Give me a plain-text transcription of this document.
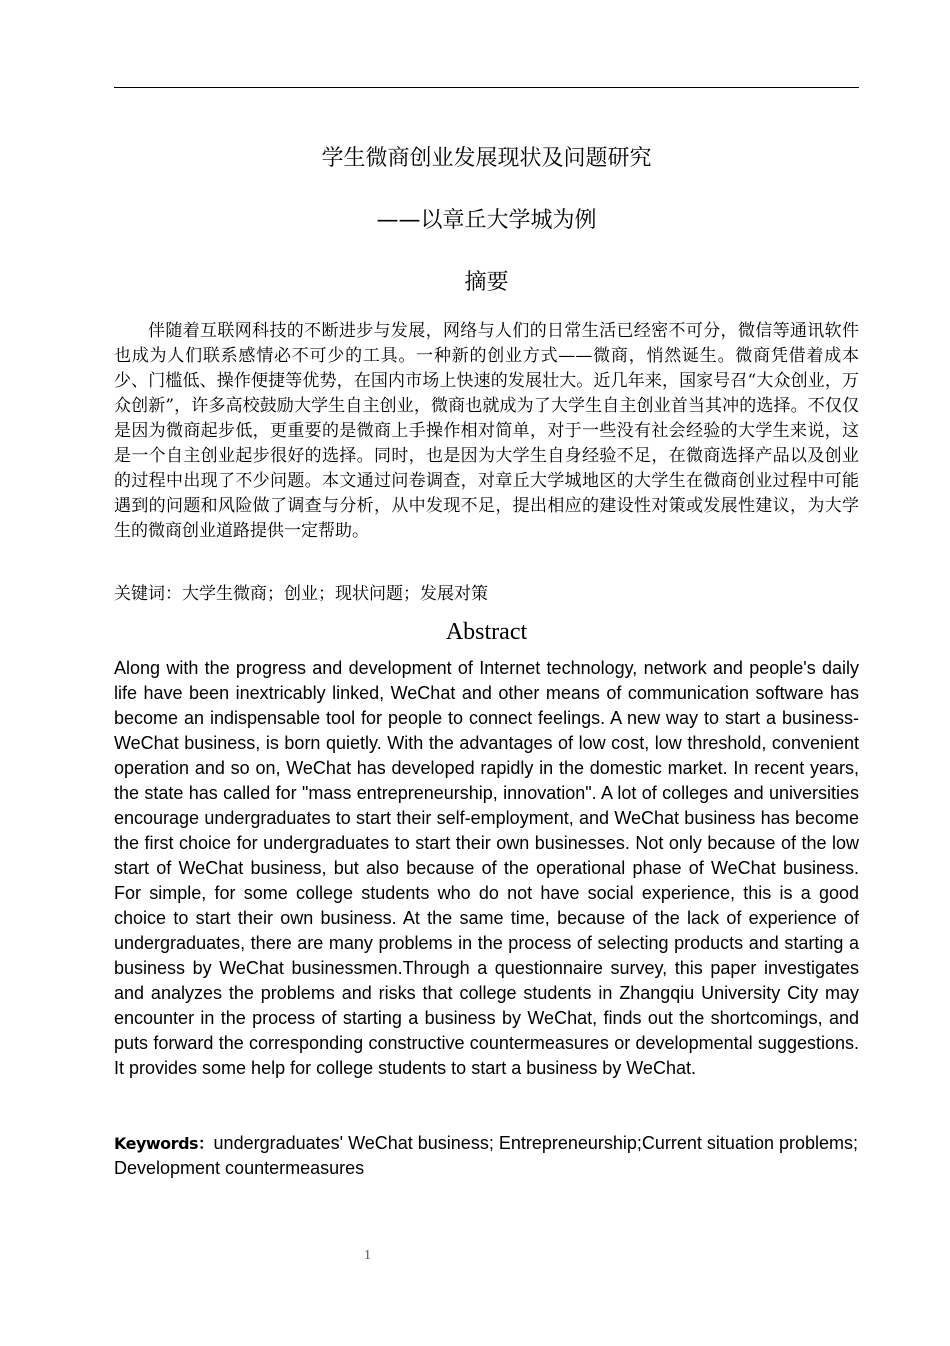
学生微商创业发展现状及问题研究
——以章丘大学城为例
摘要

伴随着互联网科技的不断进步与发展，网络与人们的日常生活已经密不可分，微信等通讯软件也成为人们联系感情必不可少的工具。一种新的创业方式——微商，悄然诞生。微商凭借着成本少、门槛低、操作便捷等优势，在国内市场上快速的发展壮大。近几年来，国家号召“大众创业，万众创新”，许多高校鼓励大学生自主创业，微商也就成为了大学生自主创业首当其冲的选择。不仅仅是因为微商起步低，更重要的是微商上手操作相对简单，对于一些没有社会经验的大学生来说，这是一个自主创业起步很好的选择。同时，也是因为大学生自身经验不足，在微商选择产品以及创业的过程中出现了不少问题。本文通过问卷调查，对章丘大学城地区的大学生在微商创业过程中可能遇到的问题和风险做了调查与分析，从中发现不足，提出相应的建设性对策或发展性建议，为大学生的微商创业道路提供一定帮助。

关键词：大学生微商；创业；现状问题；发展对策
Abstract

Along with the progress and development of Internet technology, network and people's daily life have been inextricably linked, WeChat and other means of communication software has become an indispensable tool for people to connect feelings. A new way to start a business-WeChat business, is born quietly. With the advantages of low cost, low threshold, convenient operation and so on, WeChat has developed rapidly in the domestic market. In recent years, the state has called for "mass entrepreneurship, innovation". A lot of colleges and universities encourage undergraduates to start their self-employment, and WeChat business has become the first choice for undergraduates to start their own businesses. Not only because of the low start of WeChat business, but also because of the operational phase of WeChat business. For simple, for some college students who do not have social experience, this is a good choice to start their own business. At the same time, because of the lack of experience of undergraduates, there are many problems in the process of selecting products and starting a business by WeChat businessmen.Through a questionnaire survey, this paper investigates and analyzes the problems and risks that college students in Zhangqiu University City may encounter in the process of starting a business by WeChat, finds out the shortcomings, and puts forward the corresponding constructive countermeasures or developmental suggestions. It provides some help for college students to start a business by WeChat.

Keywords：undergraduates' WeChat business; Entrepreneurship;Current situation problems; Development countermeasures

1
